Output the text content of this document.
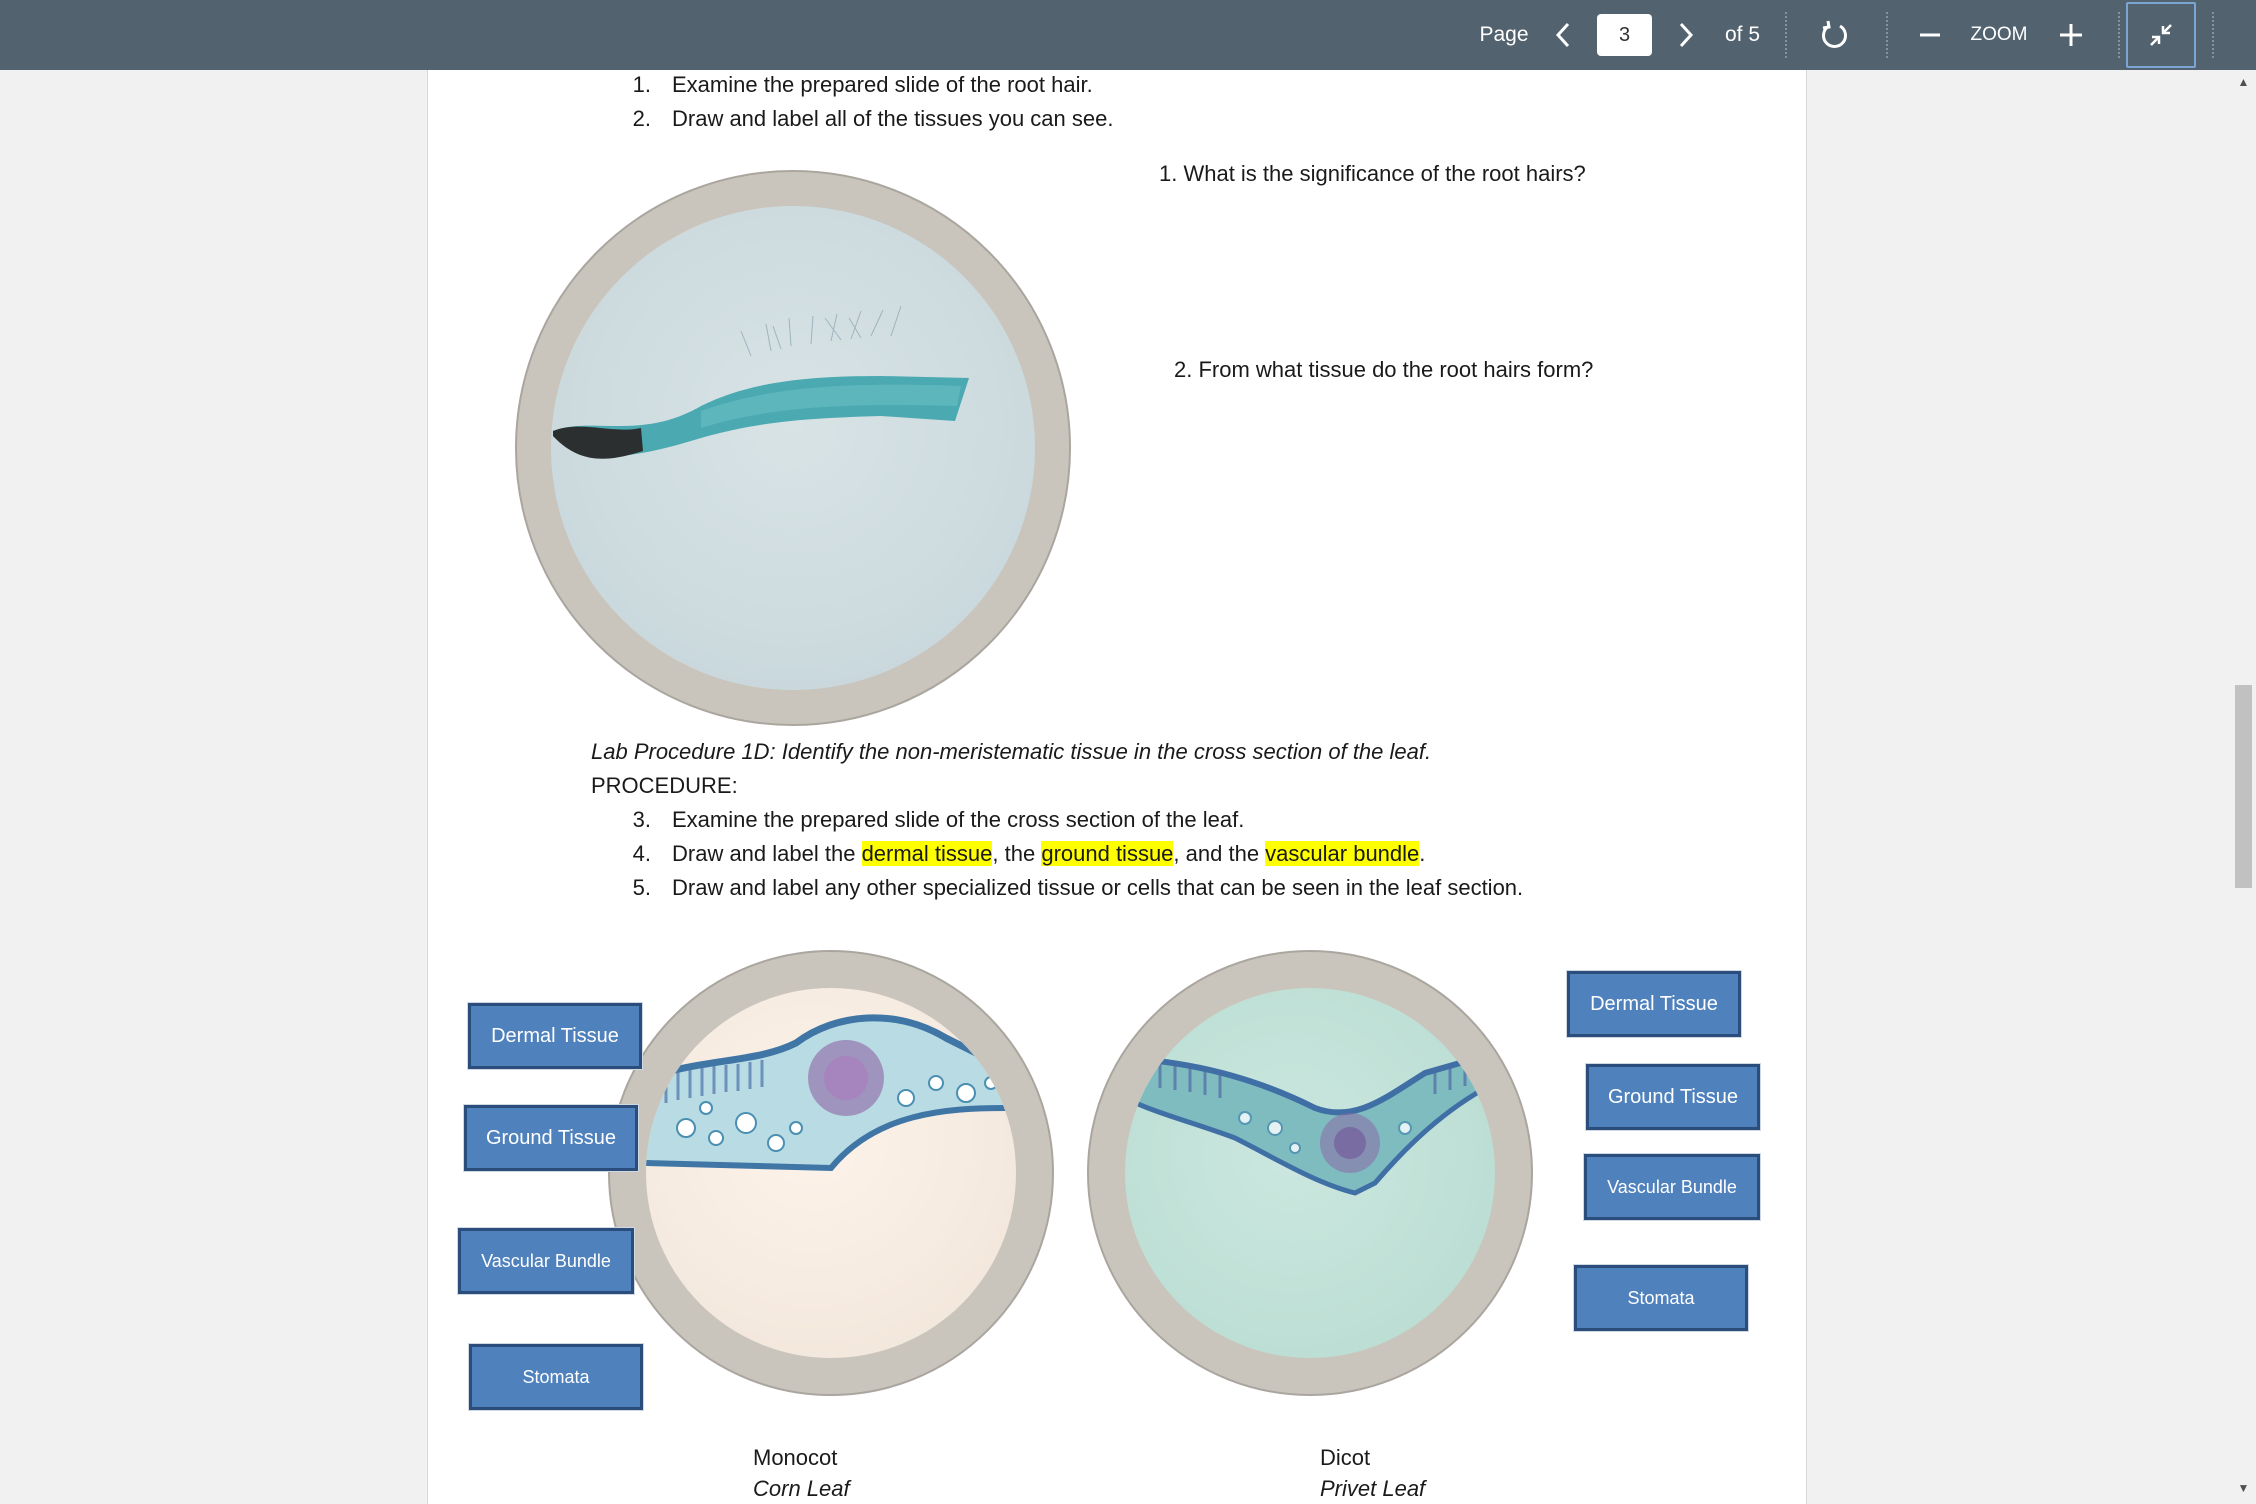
Page	3	of 5	ZOOM
1. Examine the prepared slide of the root hair.
2. Draw and label all of the tissues you can see.
1. What is the significance of the root hairs?
2. From what tissue do the root hairs form?
Lab Procedure 1D: Identify the non-meristematic tissue in the cross section of the leaf.
PROCEDURE:
3. Examine the prepared slide of the cross section of the leaf.
4. Draw and label the dermal tissue, the ground tissue, and the vascular bundle.
5. Draw and label any other specialized tissue or cells that can be seen in the leaf section.
Dermal Tissue
Ground Tissue
Vascular Bundle
Stomata
Dermal Tissue
Ground Tissue
Vascular Bundle
Stomata
Monocot
Corn Leaf
Dicot
Privet Leaf
▲
▼
